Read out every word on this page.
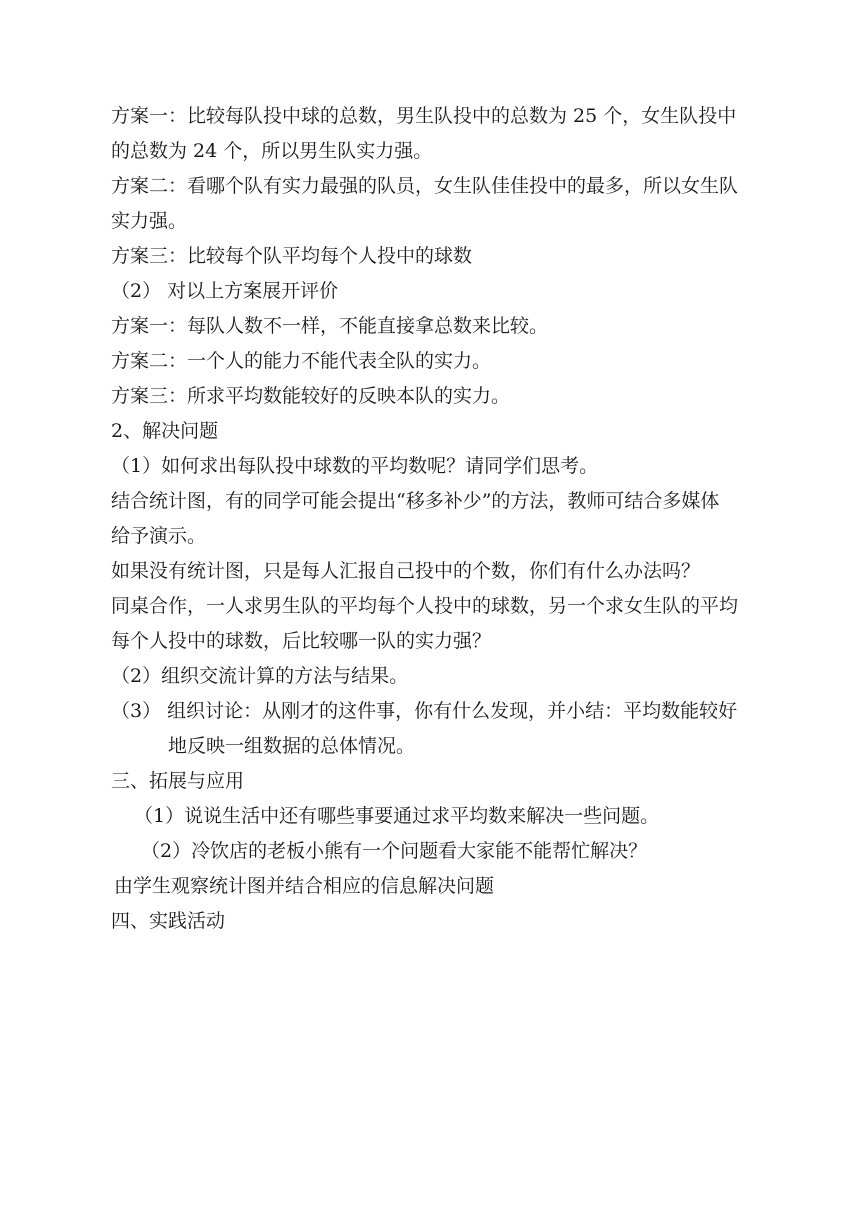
方案一：比较每队投中球的总数，男生队投中的总数为 25 个，女生队投中
的总数为 24 个，所以男生队实力强。
方案二：看哪个队有实力最强的队员，女生队佳佳投中的最多，所以女生队
实力强。
方案三：比较每个队平均每个人投中的球数
（2） 对以上方案展开评价
方案一：每队人数不一样，不能直接拿总数来比较。
方案二：一个人的能力不能代表全队的实力。
方案三：所求平均数能较好的反映本队的实力。
2、解决问题
（1）如何求出每队投中球数的平均数呢？请同学们思考。
结合统计图，有的同学可能会提出“移多补少”的方法，教师可结合多媒体
给予演示。
如果没有统计图，只是每人汇报自己投中的个数，你们有什么办法吗？
同桌合作，一人求男生队的平均每个人投中的球数，另一个求女生队的平均
每个人投中的球数，后比较哪一队的实力强？
（2）组织交流计算的方法与结果。
（3） 组织讨论：从刚才的这件事，你有什么发现，并小结：平均数能较好
地反映一组数据的总体情况。
三、拓展与应用
（1）说说生活中还有哪些事要通过求平均数来解决一些问题。
（2）冷饮店的老板小熊有一个问题看大家能不能帮忙解决？
由学生观察统计图并结合相应的信息解决问题
四、实践活动
